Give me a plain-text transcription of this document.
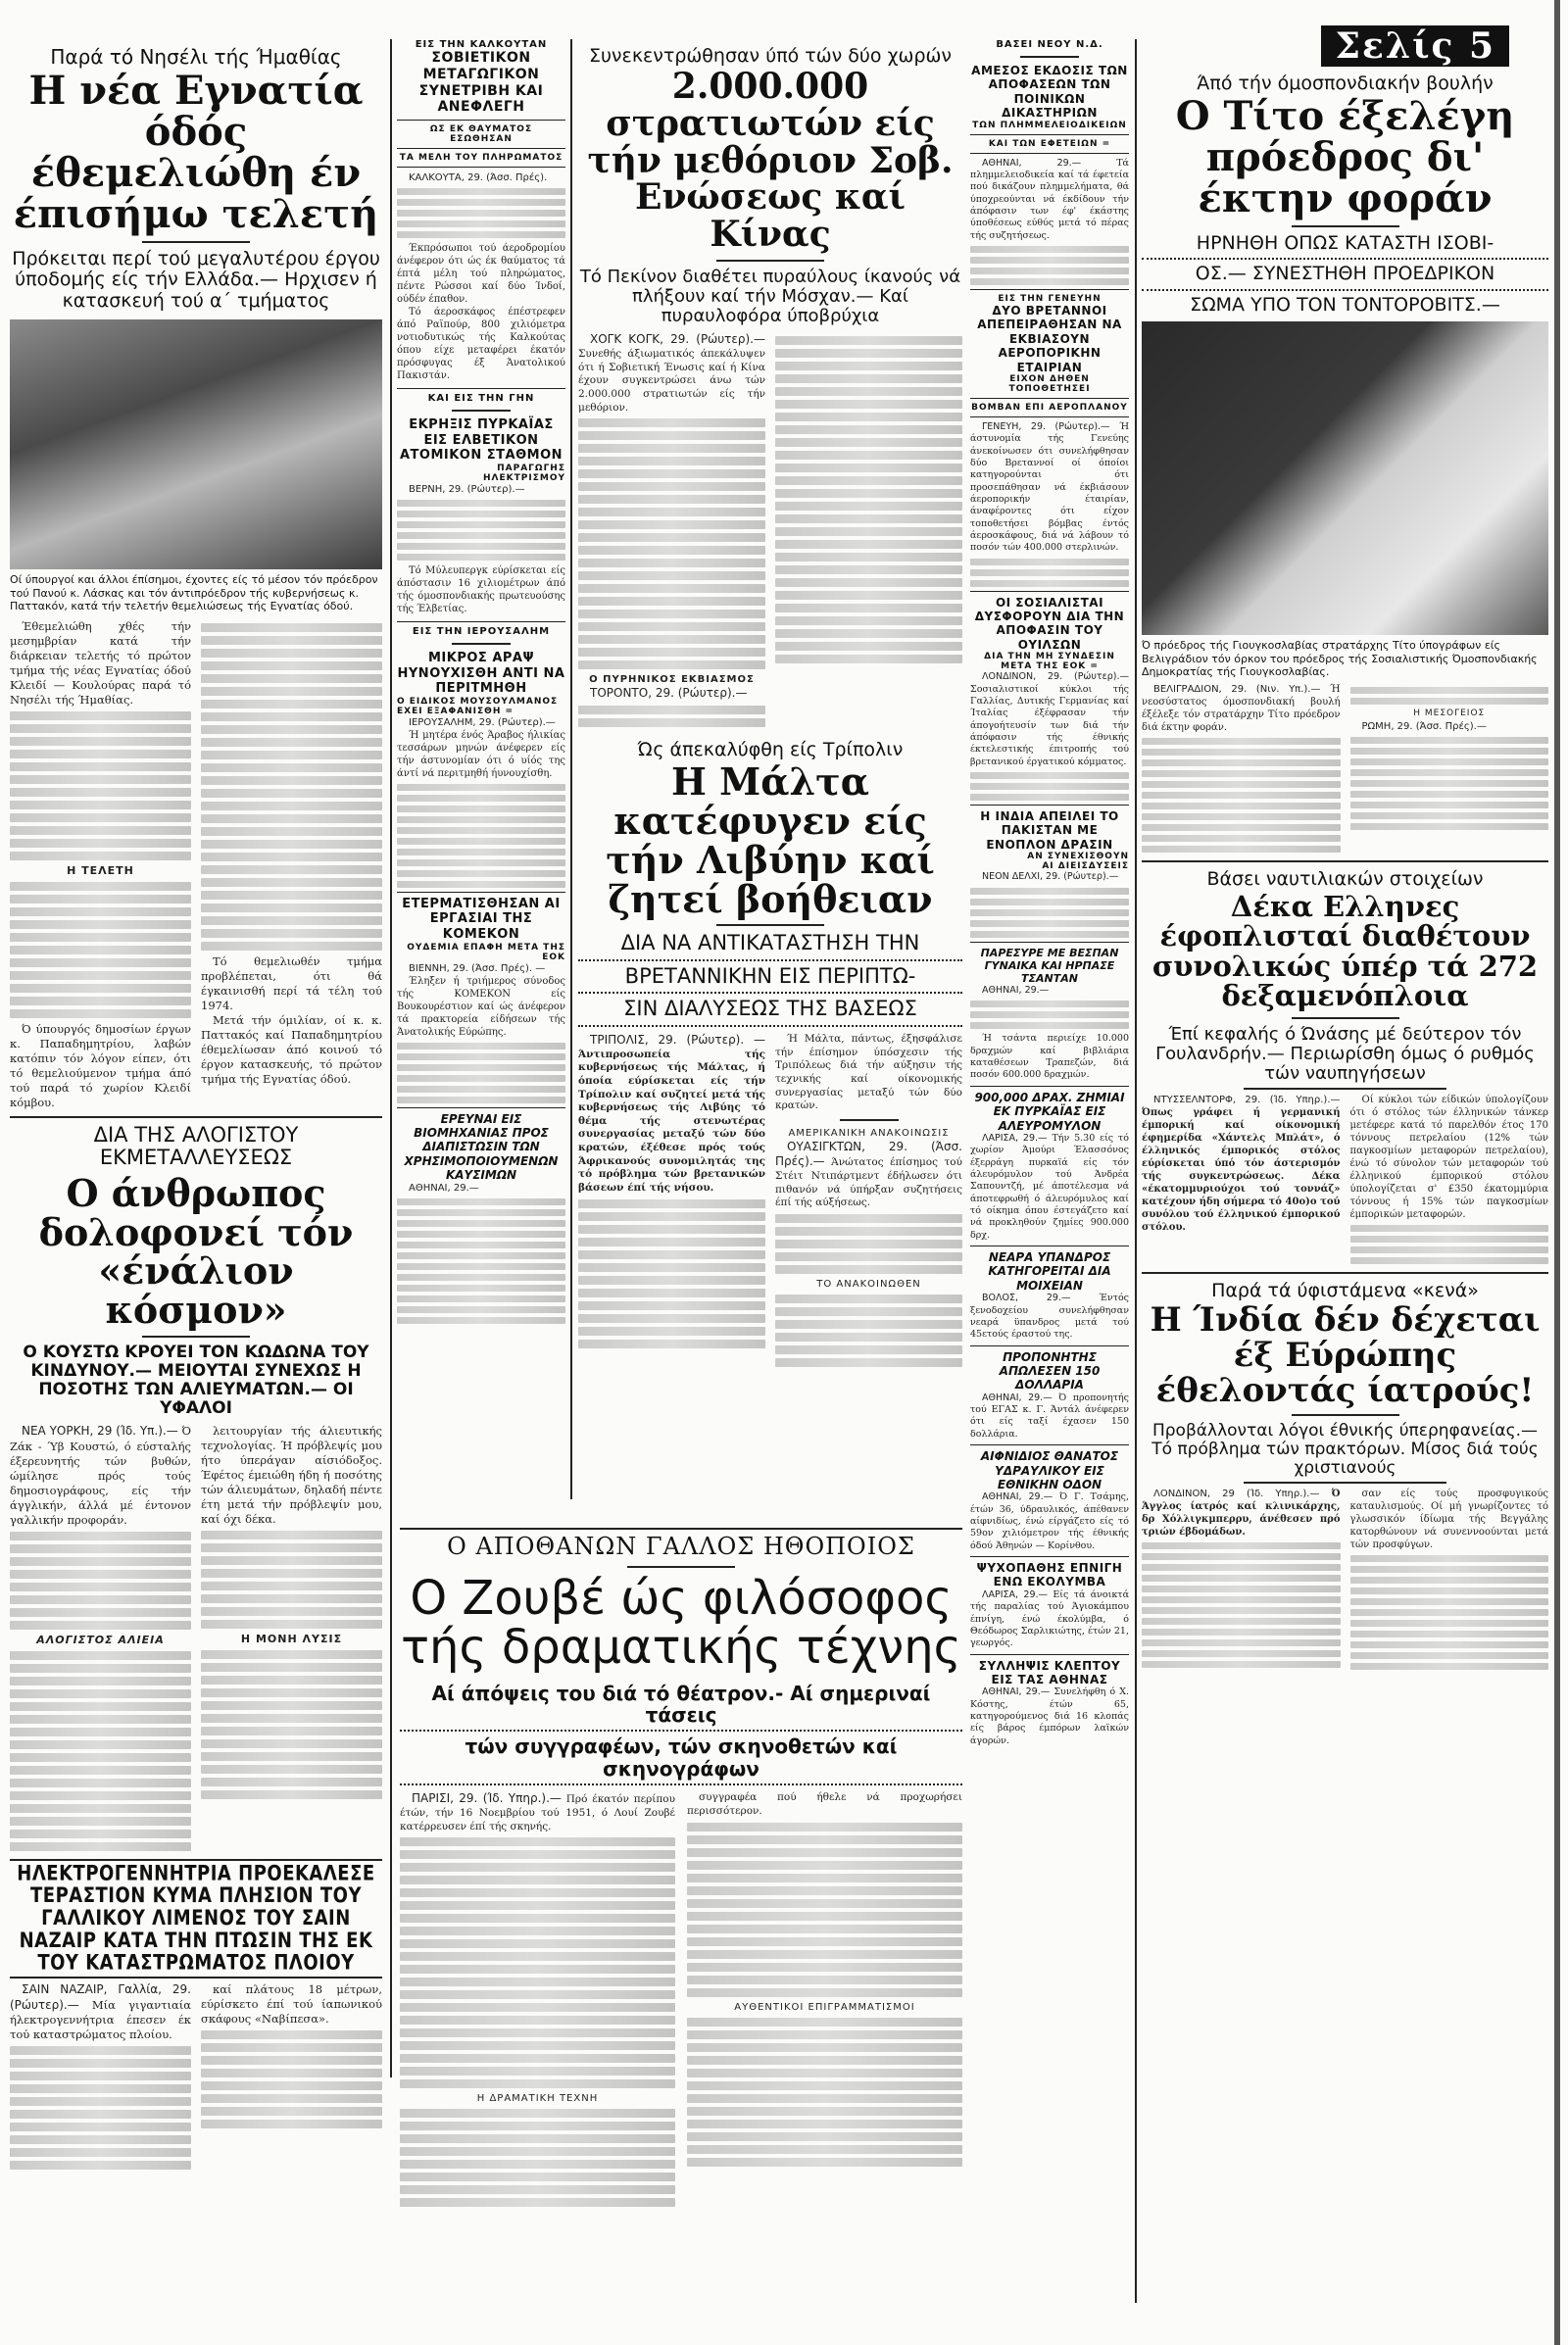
Παρά τό Νησέλι τής Ήμαθίας
Η νέα Εγνατία όδός έθεμελιώθη έν έπισήμω τελετή
Πρόκειται περί τού μεγαλυτέρου έργου ύποδομής είς τήν Ελλάδα.— Ηρχισεν ή κατασκευή τού α΄ τμήματος
Οί ύπουργοί και άλλοι έπίσημοι, έχοντες είς τό μέσον τόν πρόεδρον τού Πανού κ. Λάσκας και τόν άντιπρόεδρον τής κυβερνήσεως κ. Παττακόν, κατά τήν τελετήν θεμελιώσεως τής Εγνατίας όδού.

Έθεμελιώθη χθές τήν μεσημβρίαν κατά τήν διάρκειαν τελετής τό πρώτον τμήμα τής νέας Εγνατίας όδού Κλειδί — Κουλούρας παρά τό Νησέλι τής Ήμαθίας.

Η ΤΕΛΕΤΗ

Ό ύπουργός δημοσίων έργων κ. Παπαδημητρίου, λαβών κατόπιν τόν λόγον είπεν, ότι τό θεμελιούμενον τμήμα άπό τού παρά τό χωρίον Κλειδί κόμβου.

Τό θεμελιωθέν τμήμα προβλέπεται, ότι θά έγκαινισθή περί τά τέλη τού 1974.

Μετά τήν όμιλίαν, οί κ. κ. Παττακός καί Παπαδημητρίου έθεμελίωσαν άπό κοινού τό έργον κατασκευής, τό πρώτον τμήμα τής Εγνατίας όδού.

ΔΙΑ ΤΗΣ ΑΛΟΓΙΣΤΟΥ ΕΚΜΕΤΑΛΛΕΥΣΕΩΣ
Ο άνθρωπος δολοφονεί τόν «ένάλιον κόσμον»
Ο ΚΟΥΣΤΩ ΚΡΟΥΕΙ ΤΟΝ ΚΩΔΩΝΑ ΤΟΥ ΚΙΝΔΥΝΟΥ.— ΜΕΙΟΥΤΑΙ ΣΥΝΕΧΩΣ Η ΠΟΣΟΤΗΣ ΤΩΝ ΑΛΙΕΥΜΑΤΩΝ.— ΟΙ ΥΦΑΛΟΙ

ΝΕΑ ΥΟΡΚΗ, 29 (Ίδ. Υπ.).— Ό Ζάκ - Ύβ Κουστώ, ό εύσταλής έξερευνητής τών βυθών, ώμίλησε πρός τούς δημοσιογράφους, είς τήν άγγλικήν, άλλά μέ έντονον γαλλικήν προφοράν.

ΑΛΟΓΙΣΤΟΣ ΑΛΙΕΙΑ

λειτουργίαν τής άλιευτικής τεχνολογίας. Ή πρόβλεψίς μου ήτο ύπεράγαν αίσιόδοξος. Έφέτος έμειώθη ήδη ή ποσότης τών άλιευμάτων, δηλαδή πέντε έτη μετά τήν πρόβλεψίν μου, καί όχι δέκα.

Η ΜΟΝΗ ΛΥΣΙΣ
ΗΛΕΚΤΡΟΓΕΝΝΗΤΡΙΑ ΠΡΟΕΚΑΛΕΣΕ ΤΕΡΑΣΤΙΟΝ ΚΥΜΑ ΠΛΗΣΙΟΝ ΤΟΥ ΓΑΛΛΙΚΟΥ ΛΙΜΕΝΟΣ ΤΟΥ ΣΑΙΝ ΝΑΖΑΙΡ ΚΑΤΑ ΤΗΝ ΠΤΩΣΙΝ ΤΗΣ ΕΚ ΤΟΥ ΚΑΤΑΣΤΡΩΜΑΤΟΣ ΠΛΟΙΟΥ

ΣΑΙΝ ΝΑΖΑΙΡ, Γαλλία, 29. (Ρώυτερ).— Μία γιγαντιαία ήλεκτρογεννήτρια έπεσεν έκ τού καταστρώματος πλοίου.

καί πλάτους 18 μέτρων, εύρίσκετο έπί τού ίαπωνικού σκάφους «Ναβίπεσα».

ΕΙΣ ΤΗΝ ΚΑΛΚΟΥΤΑΝ
ΣΟΒΙΕΤΙΚΟΝ ΜΕΤΑΓΩΓΙΚΟΝ ΣΥΝΕΤΡΙΒΗ ΚΑΙ ΑΝΕΦΛΕΓΗ
ΩΣ ΕΚ ΘΑΥΜΑΤΟΣ ΕΣΩΘΗΣΑΝ
ΤΑ ΜΕΛΗ ΤΟΥ ΠΛΗΡΩΜΑΤΟΣ

ΚΑΛΚΟΥΤΑ, 29. (Άσσ. Πρές).

Έκπρόσωποι τού άεροδρομίου άνέφερον ότι ώς έκ θαύματος τά έπτά μέλη τού πληρώματος, πέντε Ρώσσοι καί δύο Ίνδοί, ούδέν έπαθον.

Τό άεροσκάφος έπέστρεφεν άπό Ραϊπούρ, 800 χιλιόμετρα νοτιοδυτικώς τής Καλκούτας όπου είχε μεταφέρει έκατόν πρόσφυγας έξ Άνατολικού Πακιστάν.

ΚΑΙ ΕΙΣ ΤΗΝ ΓΗΝ
ΕΚΡΗΞΙΣ ΠΥΡΚΑΪΑΣ ΕΙΣ ΕΛΒΕΤΙΚΟΝ ΑΤΟΜΙΚΟΝ ΣΤΑΘΜΟΝ
ΠΑΡΑΓΩΓΗΣ
ΗΛΕΚΤΡΙΣΜΟΥ

ΒΕΡΝΗ, 29. (Ρώυτερ).—

Τό Μύλευπεργκ εύρίσκεται είς άπόστασιν 16 χιλιομέτρων άπό τής όμοσπονδιακής πρωτευούσης τής Έλβετίας.

ΕΙΣ ΤΗΝ ΙΕΡΟΥΣΑΛΗΜ
ΜΙΚΡΟΣ ΑΡΑΨ ΗΥΝΟΥΧΙΣΘΗ ΑΝΤΙ ΝΑ ΠΕΡΙΤΜΗΘΗ
Ο ΕΙΔΙΚΟΣ ΜΟΥΣΟΥΛΜΑΝΟΣ ΕΧΕΙ ΕΞΑΦΑΝΙΣΘΗ =

ΙΕΡΟΥΣΑΛΗΜ, 29. (Ρώυτερ).—

Ή μητέρα ένός Άραβος ήλικίας τεσσάρων μηνών άνέφερεν είς τήν άστυνομίαν ότι ό υίός της άντί νά περιτμηθή ήυνουχίσθη.

ΕΤΕΡΜΑΤΙΣΘΗΣΑΝ ΑΙ ΕΡΓΑΣΙΑΙ ΤΗΣ ΚΟΜΕΚΟΝ
ΟΥΔΕΜΙΑ ΕΠΑΦΗ ΜΕΤΑ ΤΗΣ ΕΟΚ

ΒΙΕΝΝΗ, 29. (Άσσ. Πρές). —

Έληξεν ή τριήμερος σύνοδος τής ΚΟΜΕΚΟΝ είς Βουκουρέστιον καί ώς άνέφερον τά πρακτορεία είδήσεων τής Άνατολικής Εύρώπης.

ΕΡΕΥΝΑΙ ΕΙΣ ΒΙΟΜΗΧΑΝΙΑΣ ΠΡΟΣ ΔΙΑΠΙΣΤΩΣΙΝ ΤΩΝ ΧΡΗΣΙΜΟΠΟΙΟΥΜΕΝΩΝ ΚΑΥΣΙΜΩΝ

ΑΘΗΝΑΙ, 29.—

Συνεκεντρώθησαν ύπό τών δύο χωρών
2.000.000 στρατιωτών είς τήν μεθόριον Σοβ. Ενώσεως καί Κίνας
Τό Πεκίνον διαθέτει πυραύλους ίκανούς νά πλήξουν καί τήν Μόσχαν.— Καί πυραυλοφόρα ύποβρύχια

ΧΟΓΚ ΚΟΓΚ, 29. (Ρώυτερ).— Συνεθής άξιωματικός άπεκάλυψεν ότι ή Σοβιετική Ένωσις καί ή Κίνα έχουν συγκεντρώσει άνω τών 2.000.000 στρατιωτών είς τήν μεθόριον.

Ο ΠΥΡΗΝΙΚΟΣ ΕΚΒΙΑΣΜΟΣ

ΤΟΡΟΝΤΟ, 29. (Ρώυτερ).—

Ώς άπεκαλύφθη είς Τρίπολιν
Η Μάλτα κατέφυγεν είς τήν Λιβύην καί ζητεί βοήθειαν
ΔΙΑ ΝΑ ΑΝΤΙΚΑΤΑΣΤΗΣΗ ΤΗΝ
ΒΡΕΤΑΝΝΙΚΗΝ ΕΙΣ ΠΕΡΙΠΤΩ-
ΣΙΝ ΔΙΑΛΥΣΕΩΣ ΤΗΣ ΒΑΣΕΩΣ

ΤΡΙΠΟΛΙΣ, 29. (Ρώυτερ). — Άντιπροσωπεία τής κυβερνήσεως τής Μάλτας, ή όποία εύρίσκεται είς τήν Τρίπολιν καί συζητεί μετά τής κυβερνήσεως τής Λιβύης τό θέμα τής στενωτέρας συνεργασίας μεταξύ τών δύο κρατών, έξέθεσε πρός τούς Άφρικανούς συνομιλητάς της τό πρόβλημα τών βρετανικών βάσεων έπί τής νήσου.

Ή Μάλτα, πάντως, έξησφάλισε τήν έπίσημον ύπόσχεσιν τής Τριπόλεως διά τήν αύξησιν τής τεχνικής καί οίκονομικής συνεργασίας μεταξύ τών δύο κρατών.

ΑΜΕΡΙΚΑΝΙΚΗ ΑΝΑΚΟΙΝΩΣΙΣ

ΟΥΑΣΙΓΚΤΩΝ, 29. (Άσσ. Πρές).— Άνώτατος έπίσημος τού Στέιτ Ντιπάρτμεντ έδήλωσεν ότι πιθανόν νά ύπήρξαν συζητήσεις έπί τής αύξήσεως.

ΤΟ ΑΝΑΚΟΙΝΩΘΕΝ
Ο ΑΠΟΘΑΝΩΝ ΓΑΛΛΟΣ ΗΘΟΠΟΙΟΣ
Ο Ζουβέ ώς φιλόσοφος τής δραματικής τέχνης
Αί άπόψεις του διά τό θέατρον.- Αί σημεριναί τάσεις
τών συγγραφέων, τών σκηνοθετών καί σκηνογράφων

ΠΑΡΙΣΙ, 29. (Ίδ. Υπηρ.).— Πρό έκατόν περίπου έτών, τήν 16 Νοεμβρίου τού 1951, ό Λουί Ζουβέ κατέρρευσεν έπί τής σκηνής.

Η ΔΡΑΜΑΤΙΚΗ ΤΕΧΝΗ

συγγραφέα πού ήθελε νά προχωρήσει περισσότερον.

ΑΥΘΕΝΤΙΚΟΙ ΕΠΙΓΡΑΜΜΑΤΙΣΜΟΙ
ΒΑΣΕΙ ΝΕΟΥ Ν.Δ.
ΑΜΕΣΟΣ ΕΚΔΟΣΙΣ ΤΩΝ ΑΠΟΦΑΣΕΩΝ ΤΩΝ ΠΟΙΝΙΚΩΝ ΔΙΚΑΣΤΗΡΙΩΝ
ΤΩΝ ΠΛΗΜΜΕΛΕΙΟΔΙΚΕΙΩΝ
ΚΑΙ ΤΩΝ ΕΦΕΤΕΙΩΝ =

ΑΘΗΝΑΙ, 29.—	Τά πλημμελειοδικεία καί τά έφετεία πού δικάζουν πλημμελήματα, θά ύποχρεούνται νά έκδίδουν τήν άπόφασιν των έφ' έκάστης ύποθέσεως εύθύς μετά τό πέρας τής συζητήσεως.

ΕΙΣ ΤΗΝ ΓΕΝΕΥΗΝ
ΔΥΟ ΒΡΕΤΑΝΝΟΙ ΑΠΕΠΕΙΡΑΘΗΣΑΝ ΝΑ ΕΚΒΙΑΣΟΥΝ ΑΕΡΟΠΟΡΙΚΗΝ ΕΤΑΙΡΙΑΝ
ΕΙΧΟΝ ΔΗΘΕΝ ΤΟΠΟΘΕΤΗΣΕΙ
ΒΟΜΒΑΝ ΕΠΙ ΑΕΡΟΠΛΑΝΟΥ

ΓΕΝΕΥΗ, 29. (Ρώυτερ).— Ή άστυνομία τής Γενεύης άνεκοίνωσεν ότι συνελήφθησαν δύο Βρεταννοί οί όποίοι κατηγορούνται ότι προσεπάθησαν νά έκβιάσουν άεροπορικήν έταιρίαν, άναφέροντες ότι είχον τοποθετήσει βόμβας έντός άεροσκάφους, διά νά λάβουν τό ποσόν τών 400.000 στερλινών.

ΟΙ ΣΟΣΙΑΛΙΣΤΑΙ ΔΥΣΦΟΡΟΥΝ ΔΙΑ ΤΗΝ ΑΠΟΦΑΣΙΝ ΤΟΥ ΟΥΙΛΣΩΝ
ΔΙΑ ΤΗΝ ΜΗ ΣΥΝΔΕΣΙΝ
ΜΕΤΑ ΤΗΣ ΕΟΚ =

ΛΟΝΔΙΝΟΝ, 29. (Ρώυτερ).— Σοσιαλιστικοί κύκλοι τής Γαλλίας, Δυτικής Γερμανίας καί Ίταλίας έξέφρασαν τήν άπογοήτευσίν των διά τήν άπόφασιν τής έθνικής έκτελεστικής έπιτροπής τού βρετανικού έργατικού κόμματος.

Η ΙΝΔΙΑ ΑΠΕΙΛΕΙ ΤΟ ΠΑΚΙΣΤΑΝ ΜΕ ΕΝΟΠΛΟΝ ΔΡΑΣΙΝ
ΑΝ ΣΥΝΕΧΙΣΘΟΥΝ
ΑΙ ΔΙΕΙΣΔΥΣΕΙΣ

ΝΕΟΝ ΔΕΛΧΙ, 29. (Ρώυτερ).—

ΠΑΡΕΣΥΡΕ ΜΕ ΒΕΣΠΑΝ ΓΥΝΑΙΚΑ ΚΑΙ ΗΡΠΑΣΕ ΤΣΑΝΤΑΝ

ΑΘΗΝΑΙ, 29.—

Ή τσάντα περιείχε 10.000 δραχμών καί βιβλιάρια καταθέσεων Τραπεζών, διά ποσόν 600.000 δραχμών.

900,000 ΔΡΑΧ. ΖΗΜΙΑΙ ΕΚ ΠΥΡΚΑΪΑΣ ΕΙΣ ΑΛΕΥΡΟΜΥΛΟΝ

ΛΑΡΙΣΑ, 29.— Τήν 5.30 είς τό χωρίον Άμούρι Έλασσόνος έξερράγη πυρκαϊά είς τόν άλευρόμυλον τού Άνδρέα Σαπουντζή, μέ άποτέλεσμα νά άποτεφρωθή ό άλευρόμυλος καί τό οίκημα όπου έστεγάζετο καί νά προκληθούν ζημίες 900.000 δρχ.

ΝΕΑΡΑ ΥΠΑΝΔΡΟΣ ΚΑΤΗΓΟΡΕΙΤΑΙ ΔΙΑ ΜΟΙΧΕΙΑΝ

ΒΟΛΟΣ, 29.—	Έντός ξενοδοχείου συνελήφθησαν νεαρά ϋπανδρος μετά τού 45ετούς έραστού της.

ΠΡΟΠΟΝΗΤΗΣ ΑΠΩΛΕΣΕΝ 150 ΔΟΛΛΑΡΙΑ

ΑΘΗΝΑΙ, 29.— Ό προπονητής τού ΕΓΑΣ κ. Γ. Άντάλ άνέφερεν ότι είς ταξί έχασεν 150 δολλάρια.

ΑΙΦΝΙΔΙΟΣ ΘΑΝΑΤΟΣ ΥΔΡΑΥΛΙΚΟΥ ΕΙΣ ΕΘΝΙΚΗΝ ΟΔΟΝ

ΑΘΗΝΑΙ, 29.— Ό Γ. Τσάμης, έτών 36, ύδραυλικός, άπέθανεν αίφνιδίως, ένώ είργάζετο είς τό 59ον χιλιόμετρον τής έθνικής όδού Άθηνών — Κορίνθου.

ΨΥΧΟΠΑΘΗΣ ΕΠΝΙΓΗ ΕΝΩ ΕΚΟΛΥΜΒΑ

ΛΑΡΙΣΑ, 29.— Είς τά άνοικτά τής παραλίας τού Άγιοκάμπου έπνίγη, ένώ έκολύμβα, ό Θεόδωρος Σαρλικιώτης, έτών 21, γεωργός.

ΣΥΛΛΗΨΙΣ ΚΛΕΠΤΟΥ ΕΙΣ ΤΑΣ ΑΘΗΝΑΣ

ΑΘΗΝΑΙ, 29.— Συνελήφθη ό Χ. Κόστης, έτών 65, κατηγορούμενος διά 16 κλοπάς είς βάρος έμπόρων λαϊκών άγορών.

Σελίς 5
Άπό τήν όμοσπονδιακήν βουλήν
Ο Τίτο έξελέγη πρόεδρος δι' έκτην φοράν
ΗΡΝΗΘΗ ΟΠΩΣ ΚΑΤΑΣΤΗ ΙΣΟΒΙ-
ΟΣ.— ΣΥΝΕΣΤΗΘΗ ΠΡΟΕΔΡΙΚΟΝ
ΣΩΜΑ ΥΠΟ ΤΟΝ ΤΟΝΤΟΡΟΒΙΤΣ.—
Ό πρόεδρος τής Γιουγκοσλαβίας στρατάρχης Τίτο ύπογράφων είς Βελιγράδιον τόν όρκον του πρόεδρος τής Σοσιαλιστικής Όμοσπονδιακής Δημοκρατίας τής Γιουγκοσλαβίας.

ΒΕΛΙΓΡΑΔΙΟΝ, 29. (Νιν. Υπ.).— Ή νεοσύστατος όμοσπονδιακή βουλή έξέλεξε τόν στρατάρχην Τίτο πρόεδρον διά έκτην φοράν.

Η ΜΕΣΟΓΕΙΟΣ

ΡΩΜΗ, 29. (Άσσ. Πρές).—

Βάσει ναυτιλιακών στοιχείων
Δέκα Ελληνες έφοπλισταί διαθέτουν συνολικώς ύπέρ τά 272 δεξαμενόπλοια
Έπί κεφαλής ό Ώνάσης μέ δεύτερον τόν Γουλανδρήν.— Περιωρίσθη όμως ό ρυθμός τών ναυπηγήσεων

ΝΤΥΣΣΕΛΝΤΟΡΦ, 29. (Ίδ. Υπηρ.).— Όπως γράφει ή γερμανική έμπορική καί οίκονομική έφημερίδα «Χάντελς Μπλάτ», ό έλληνικός έμπορικός στόλος εύρίσκεται ύπό τόν άστερισμόν τής συγκεντρώσεως. Δέκα «έκατομμυριούχοι τού τοννάζ» κατέχουν ήδη σήμερα τό 40ο)ο τού συνόλου τού έλληνικού έμπορικού στόλου.

Οί κύκλοι τών είδικών ύπολογίζουν ότι ό στόλος τών έλληνικών τάνκερ μετέφερε κατά τό παρελθόν έτος 170 τόννους πετρελαίου (12% τών παγκοσμίων μεταφορών πετρελαίου), ένώ τό σύνολον τών μεταφορών τού έλληνικού έμπορικού στόλου ύπολογίζεται σ' £350 έκατομμύρια τόννους ή 15% τών παγκοσμίων έμπορικών μεταφορών.

Παρά τά ύφιστάμενα «κενά»
Η Ίνδία δέν δέχεται έξ Εύρώπης έθελοντάς ίατρούς!
Προβάλλονται λόγοι έθνικής ύπερηφανείας.— Τό πρόβλημα τών πρακτόρων. Μίσος διά τούς χριστιανούς

ΛΟΝΔΙΝΟΝ, 29 (Ίδ. Υπηρ.).— Ό Άγγλος ίατρός καί κλινικάρχης, δρ Χόλλιγκμπερρυ, άνέθεσεν πρό τριών έβδομάδων.

σαν είς τούς προσφυγικούς καταυλισμούς. Οί μή γνωρίζοντες τό γλωσσικόν ίδίωμα τής Βεγγάλης κατορθώνουν νά συνεννοούνται μετά τών προσφύγων.
